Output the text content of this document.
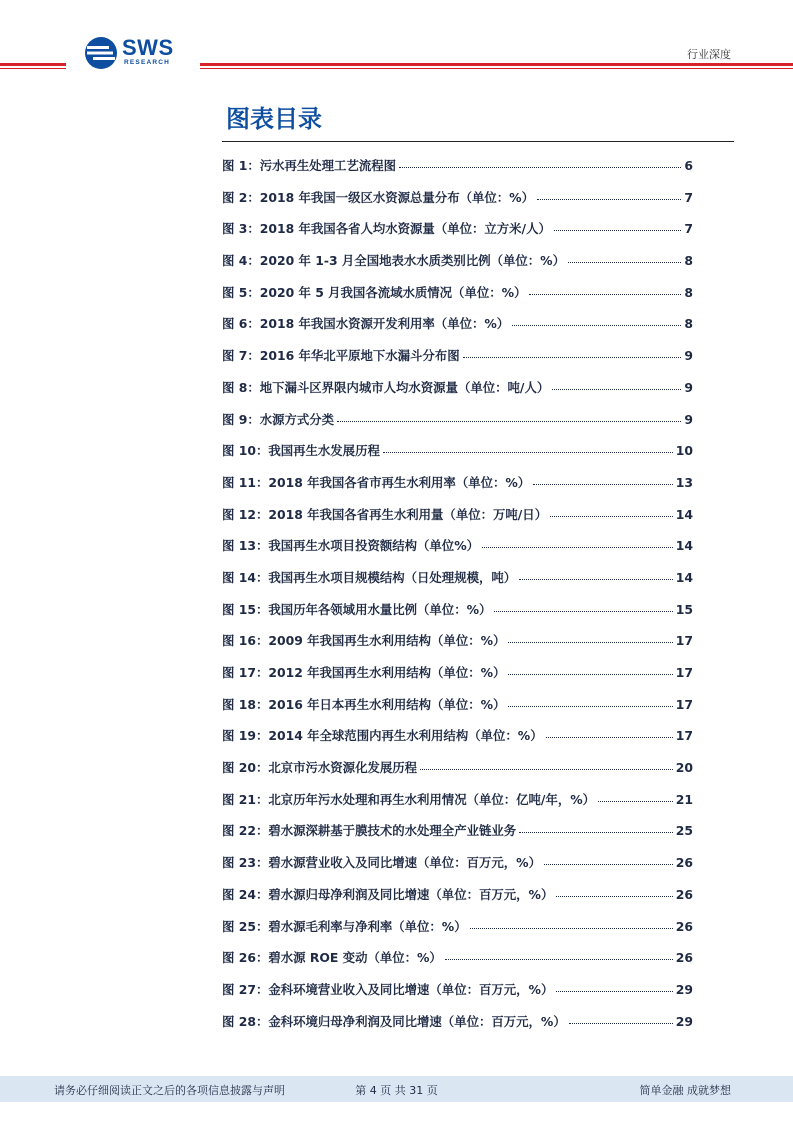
SWS
RESEARCH
行业深度
图表目录
图 1：污水再生处理工艺流程图	6
图 2：2018 年我国一级区水资源总量分布（单位：%）	7
图 3：2018 年我国各省人均水资源量（单位：立方米/人）	7
图 4：2020 年 1-3 月全国地表水水质类别比例（单位：%）	8
图 5：2020 年 5 月我国各流域水质情况（单位：%）	8
图 6：2018 年我国水资源开发利用率（单位：%）	8
图 7：2016 年华北平原地下水漏斗分布图	9
图 8：地下漏斗区界限内城市人均水资源量（单位：吨/人）	9
图 9：水源方式分类	9
图 10：我国再生水发展历程	10
图 11：2018 年我国各省市再生水利用率（单位：%）	13
图 12：2018 年我国各省再生水利用量（单位：万吨/日）	14
图 13：我国再生水项目投资额结构（单位%）	14
图 14：我国再生水项目规模结构（日处理规模，吨）	14
图 15：我国历年各领域用水量比例（单位：%）	15
图 16：2009 年我国再生水利用结构（单位：%）	17
图 17：2012 年我国再生水利用结构（单位：%）	17
图 18：2016 年日本再生水利用结构（单位：%）	17
图 19：2014 年全球范围内再生水利用结构（单位：%）	17
图 20：北京市污水资源化发展历程	20
图 21：北京历年污水处理和再生水利用情况（单位：亿吨/年，%）	21
图 22：碧水源深耕基于膜技术的水处理全产业链业务	25
图 23：碧水源营业收入及同比增速（单位：百万元，%）	26
图 24：碧水源归母净利润及同比增速（单位：百万元，%）	26
图 25：碧水源毛利率与净利率（单位：%）	26
图 26：碧水源 ROE 变动（单位：%）	26
图 27：金科环境营业收入及同比增速（单位：百万元，%）	29
图 28：金科环境归母净利润及同比增速（单位：百万元，%）	29
请务必仔细阅读正文之后的各项信息披露与声明	第 4 页 共 31 页	简单金融 成就梦想
